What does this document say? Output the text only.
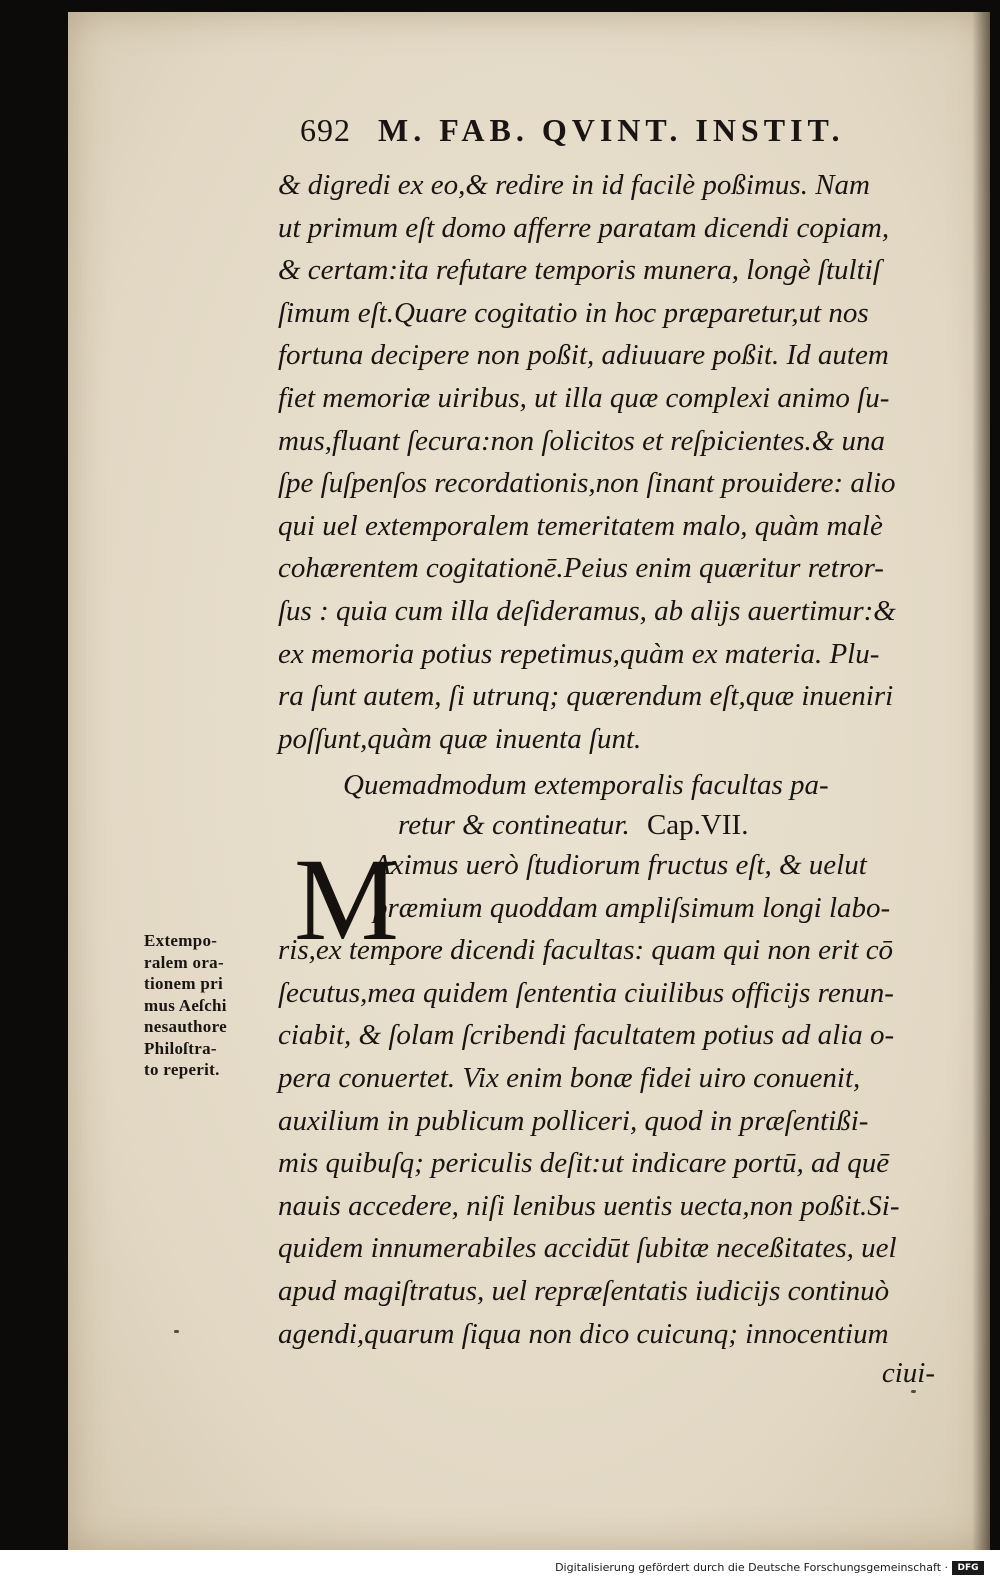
692 M. FAB. QVINT. INSTIT.
& digredi ex eo,& redire in id facilè poßimus. Nam
ut primum eſt domo afferre paratam dicendi copiam,
& certam:ita refutare temporis munera, longè ſtultiſ
ſimum eſt.Quare cogitatio in hoc præparetur,ut nos
fortuna decipere non poßit, adiuuare poßit. Id autem
fiet memoriæ uiribus, ut illa quæ complexi animo ſu-
mus,fluant ſecura:non ſolicitos et reſpicientes.& una
ſpe ſuſpenſos recordationis,non ſinant prouidere: alio
qui uel extemporalem temeritatem malo, quàm malè
cohærentem cogitationē.Peius enim quæritur retror-
ſus : quia cum illa deſideramus, ab alijs auertimur:&
ex memoria potius repetimus,quàm ex materia. Plu-
ra ſunt autem, ſi utrunq; quærendum eſt,quæ inueniri
poſſunt,quàm quæ inuenta ſunt.
Quemadmodum extemporalis facultas pa-
retur & contineatur. Cap.VII.
M
Aximus uerò ſtudiorum fructus eſt, & uelut
præmium quoddam ampliſsimum longi labo-
ris,ex tempore dicendi facultas: quam qui non erit cō
ſecutus,mea quidem ſententia ciuilibus officijs renun-
ciabit, & ſolam ſcribendi facultatem potius ad alia o-
pera conuertet. Vix enim bonæ fidei uiro conuenit,
auxilium in publicum polliceri, quod in præſentißi-
mis quibuſq; periculis deſit:ut indicare portū, ad quē
nauis accedere, niſi lenibus uentis uecta,non poßit.Si-
quidem innumerabiles accidūt ſubitæ neceßitates, uel
apud magiſtratus, uel repræſentatis iudicijs continuò
agendi,quarum ſiqua non dico cuicunq; innocentium
Extempo-
ralem ora-
tionem pri
mus Aeſchi
nesauthore
Philoſtra-
to reperit.
ciui-
Digitalisierung gefördert durch die Deutsche Forschungsgemeinschaft ·	DFG
